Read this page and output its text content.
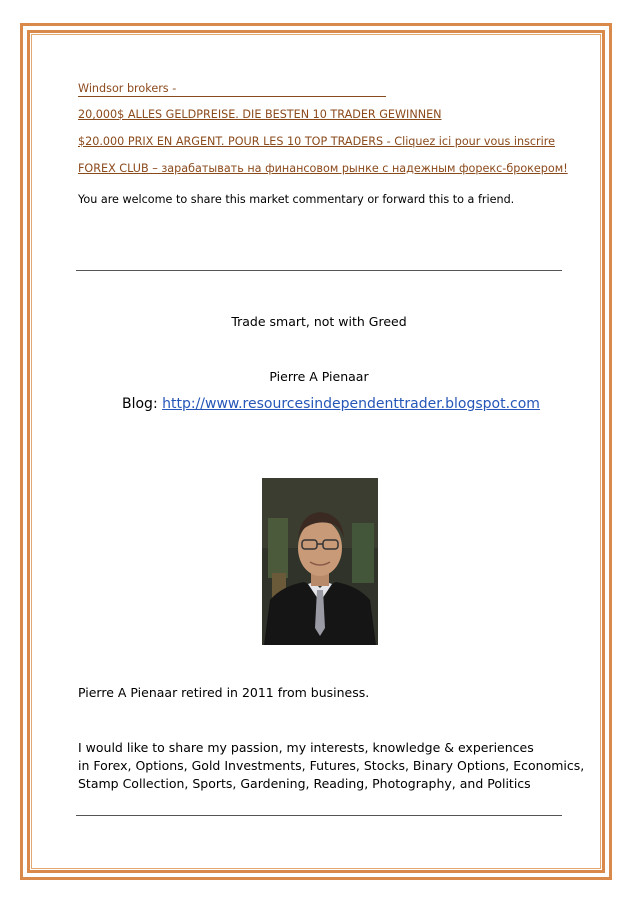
Windsor brokers -
20,000$ ALLES GELDPREISE. DIE BESTEN 10 TRADER GEWINNEN
$20.000 PRIX EN ARGENT. POUR LES 10 TOP TRADERS - Cliquez ici pour vous inscrire
FOREX CLUB – зарабатывать на финансовом рынке с надежным форекс-брокером!
You are welcome to share this market commentary or forward this to a friend.
Trade smart, not with Greed
Pierre A Pienaar
Blog: http://www.resourcesindependenttrader.blogspot.com
Pierre A Pienaar retired in 2011 from business.
I would like to share my passion, my interests, knowledge & experiences
in Forex, Options, Gold Investments, Futures, Stocks, Binary Options, Economics,
Stamp Collection, Sports, Gardening, Reading, Photography, and Politics
